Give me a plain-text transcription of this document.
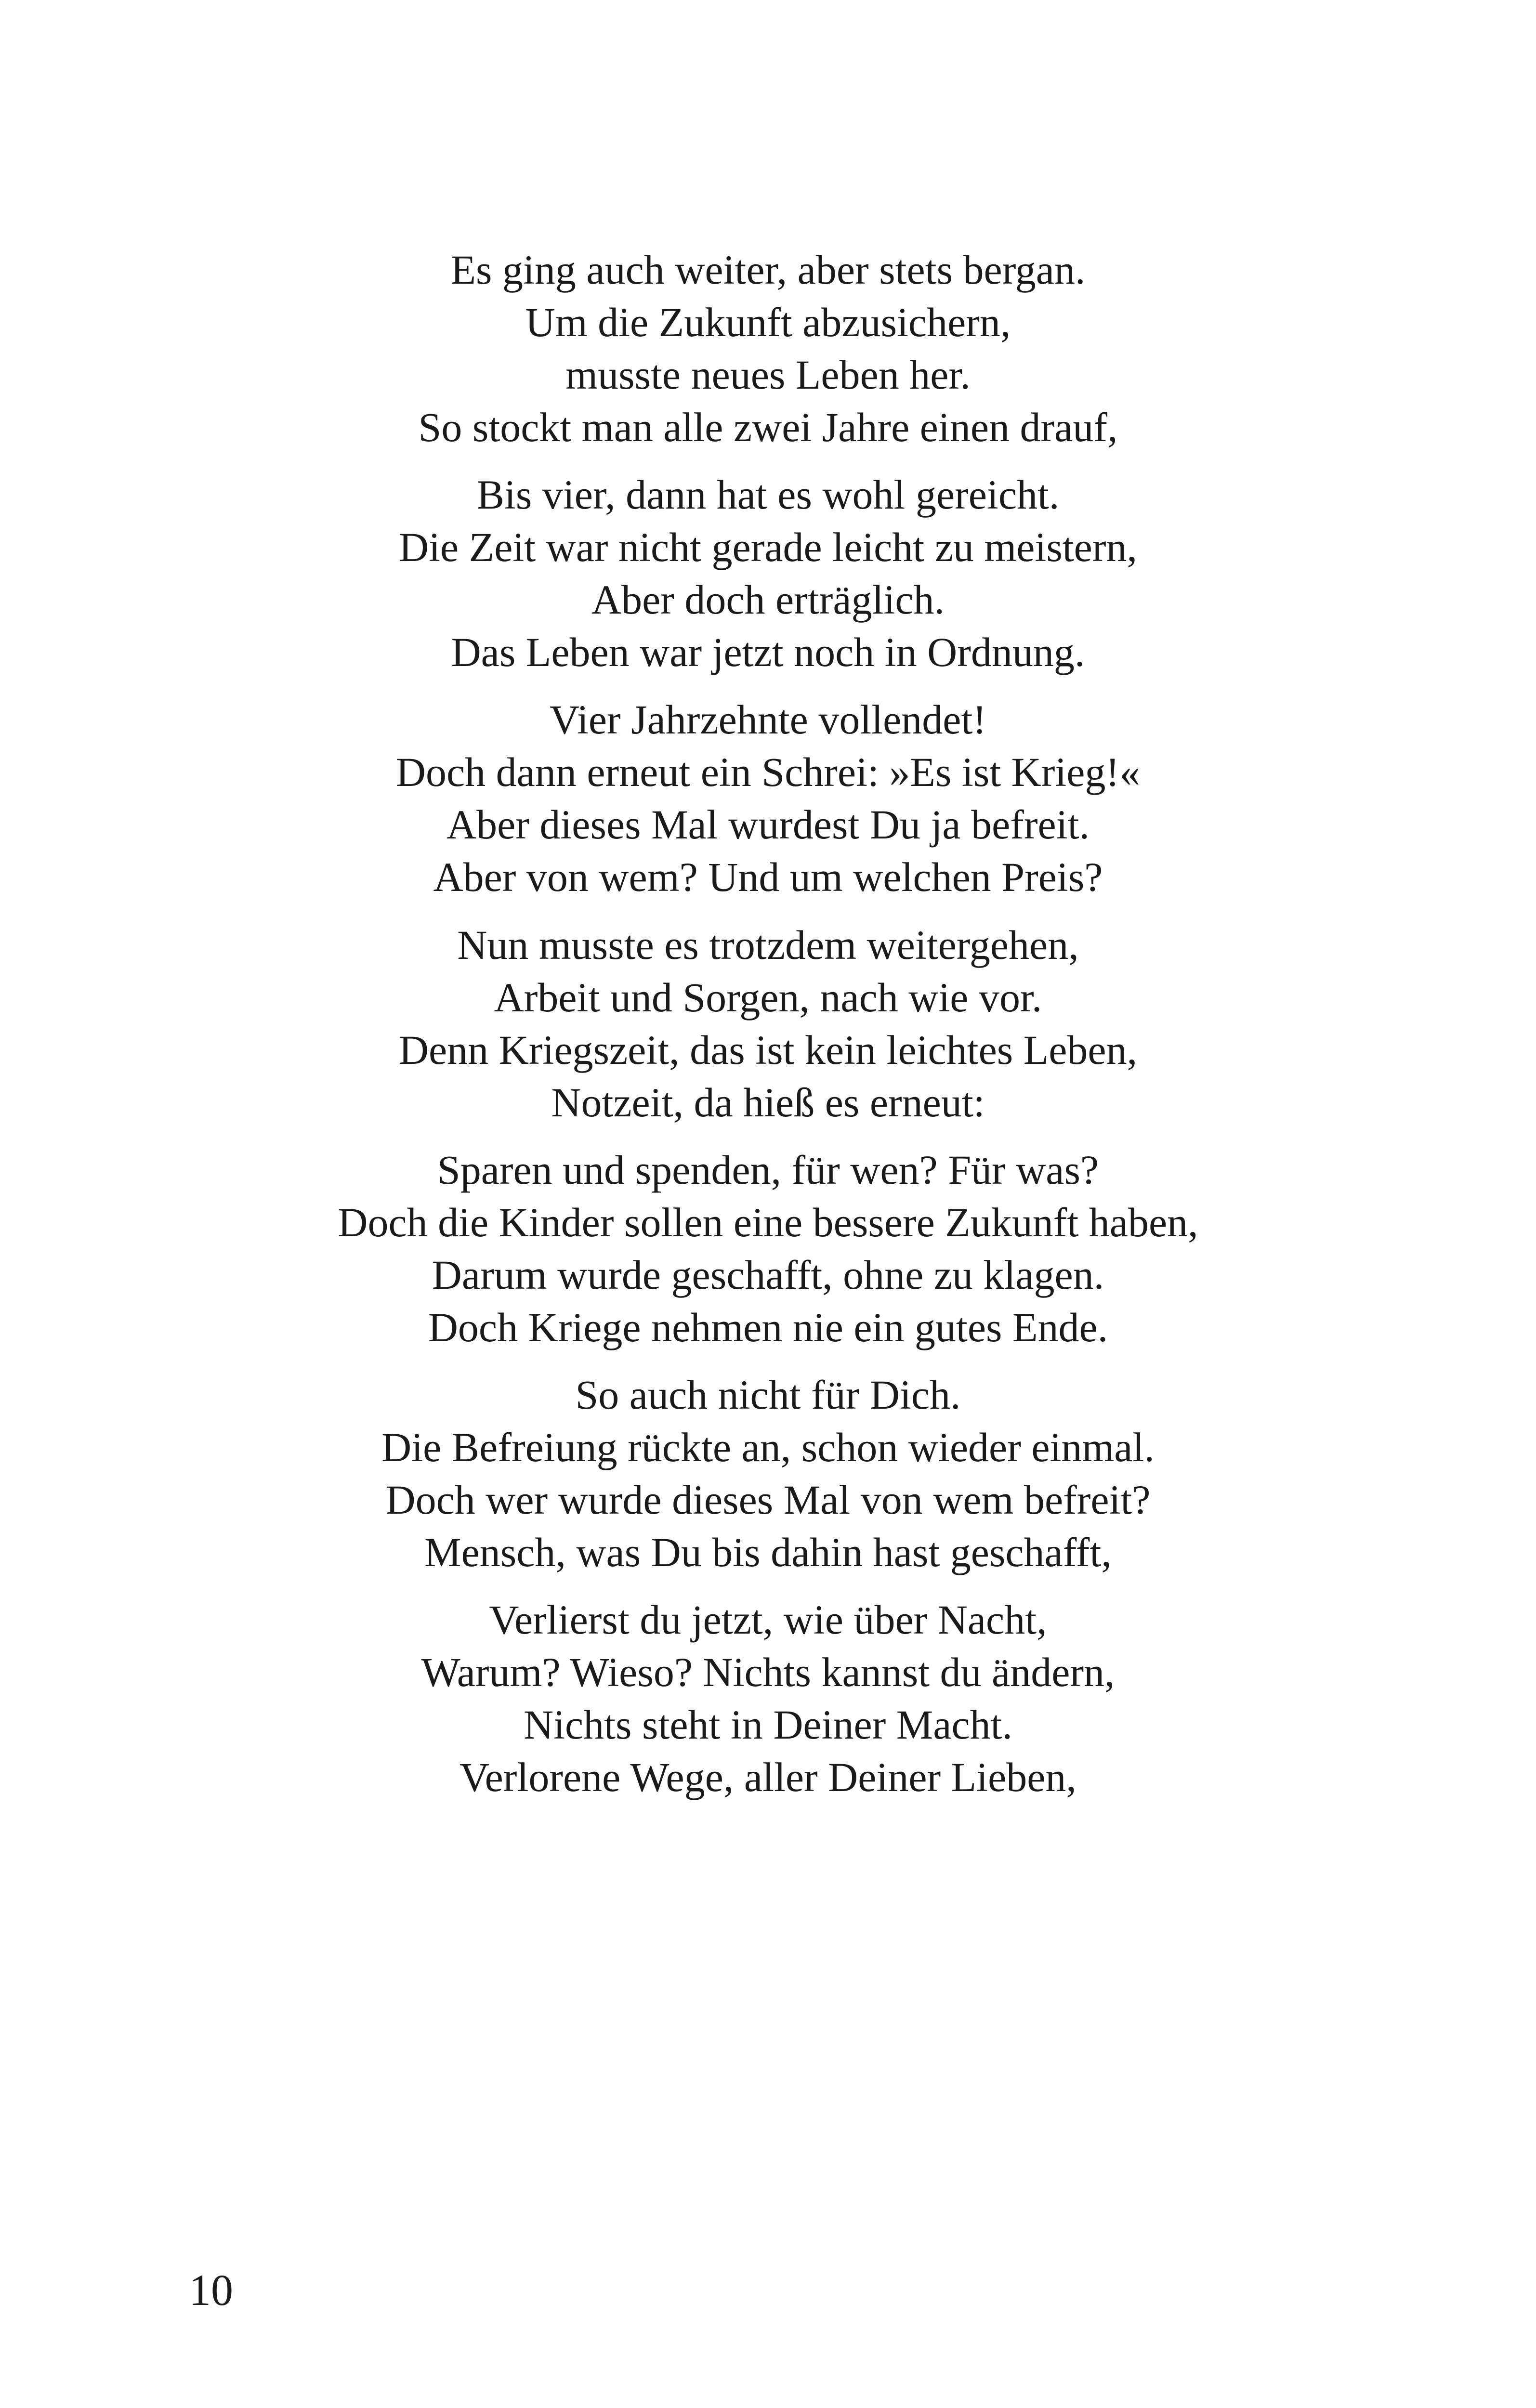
Es ging auch weiter, aber stets bergan.
Um die Zukunft abzusichern,
musste neues Leben her.
So stockt man alle zwei Jahre einen drauf,
Bis vier, dann hat es wohl gereicht.
Die Zeit war nicht gerade leicht zu meistern,
Aber doch erträglich.
Das Leben war jetzt noch in Ordnung.
Vier Jahrzehnte vollendet!
Doch dann erneut ein Schrei: »Es ist Krieg!«
Aber dieses Mal wurdest Du ja befreit.
Aber von wem? Und um welchen Preis?
Nun musste es trotzdem weitergehen,
Arbeit und Sorgen, nach wie vor.
Denn Kriegszeit, das ist kein leichtes Leben,
Notzeit, da hieß es erneut:
Sparen und spenden, für wen? Für was?
Doch die Kinder sollen eine bessere Zukunft haben,
Darum wurde geschafft, ohne zu klagen.
Doch Kriege nehmen nie ein gutes Ende.
So auch nicht für Dich.
Die Befreiung rückte an, schon wieder einmal.
Doch wer wurde dieses Mal von wem befreit?
Mensch, was Du bis dahin hast geschafft,
Verlierst du jetzt, wie über Nacht,
Warum? Wieso? Nichts kannst du ändern,
Nichts steht in Deiner Macht.
Verlorene Wege, aller Deiner Lieben,
10
